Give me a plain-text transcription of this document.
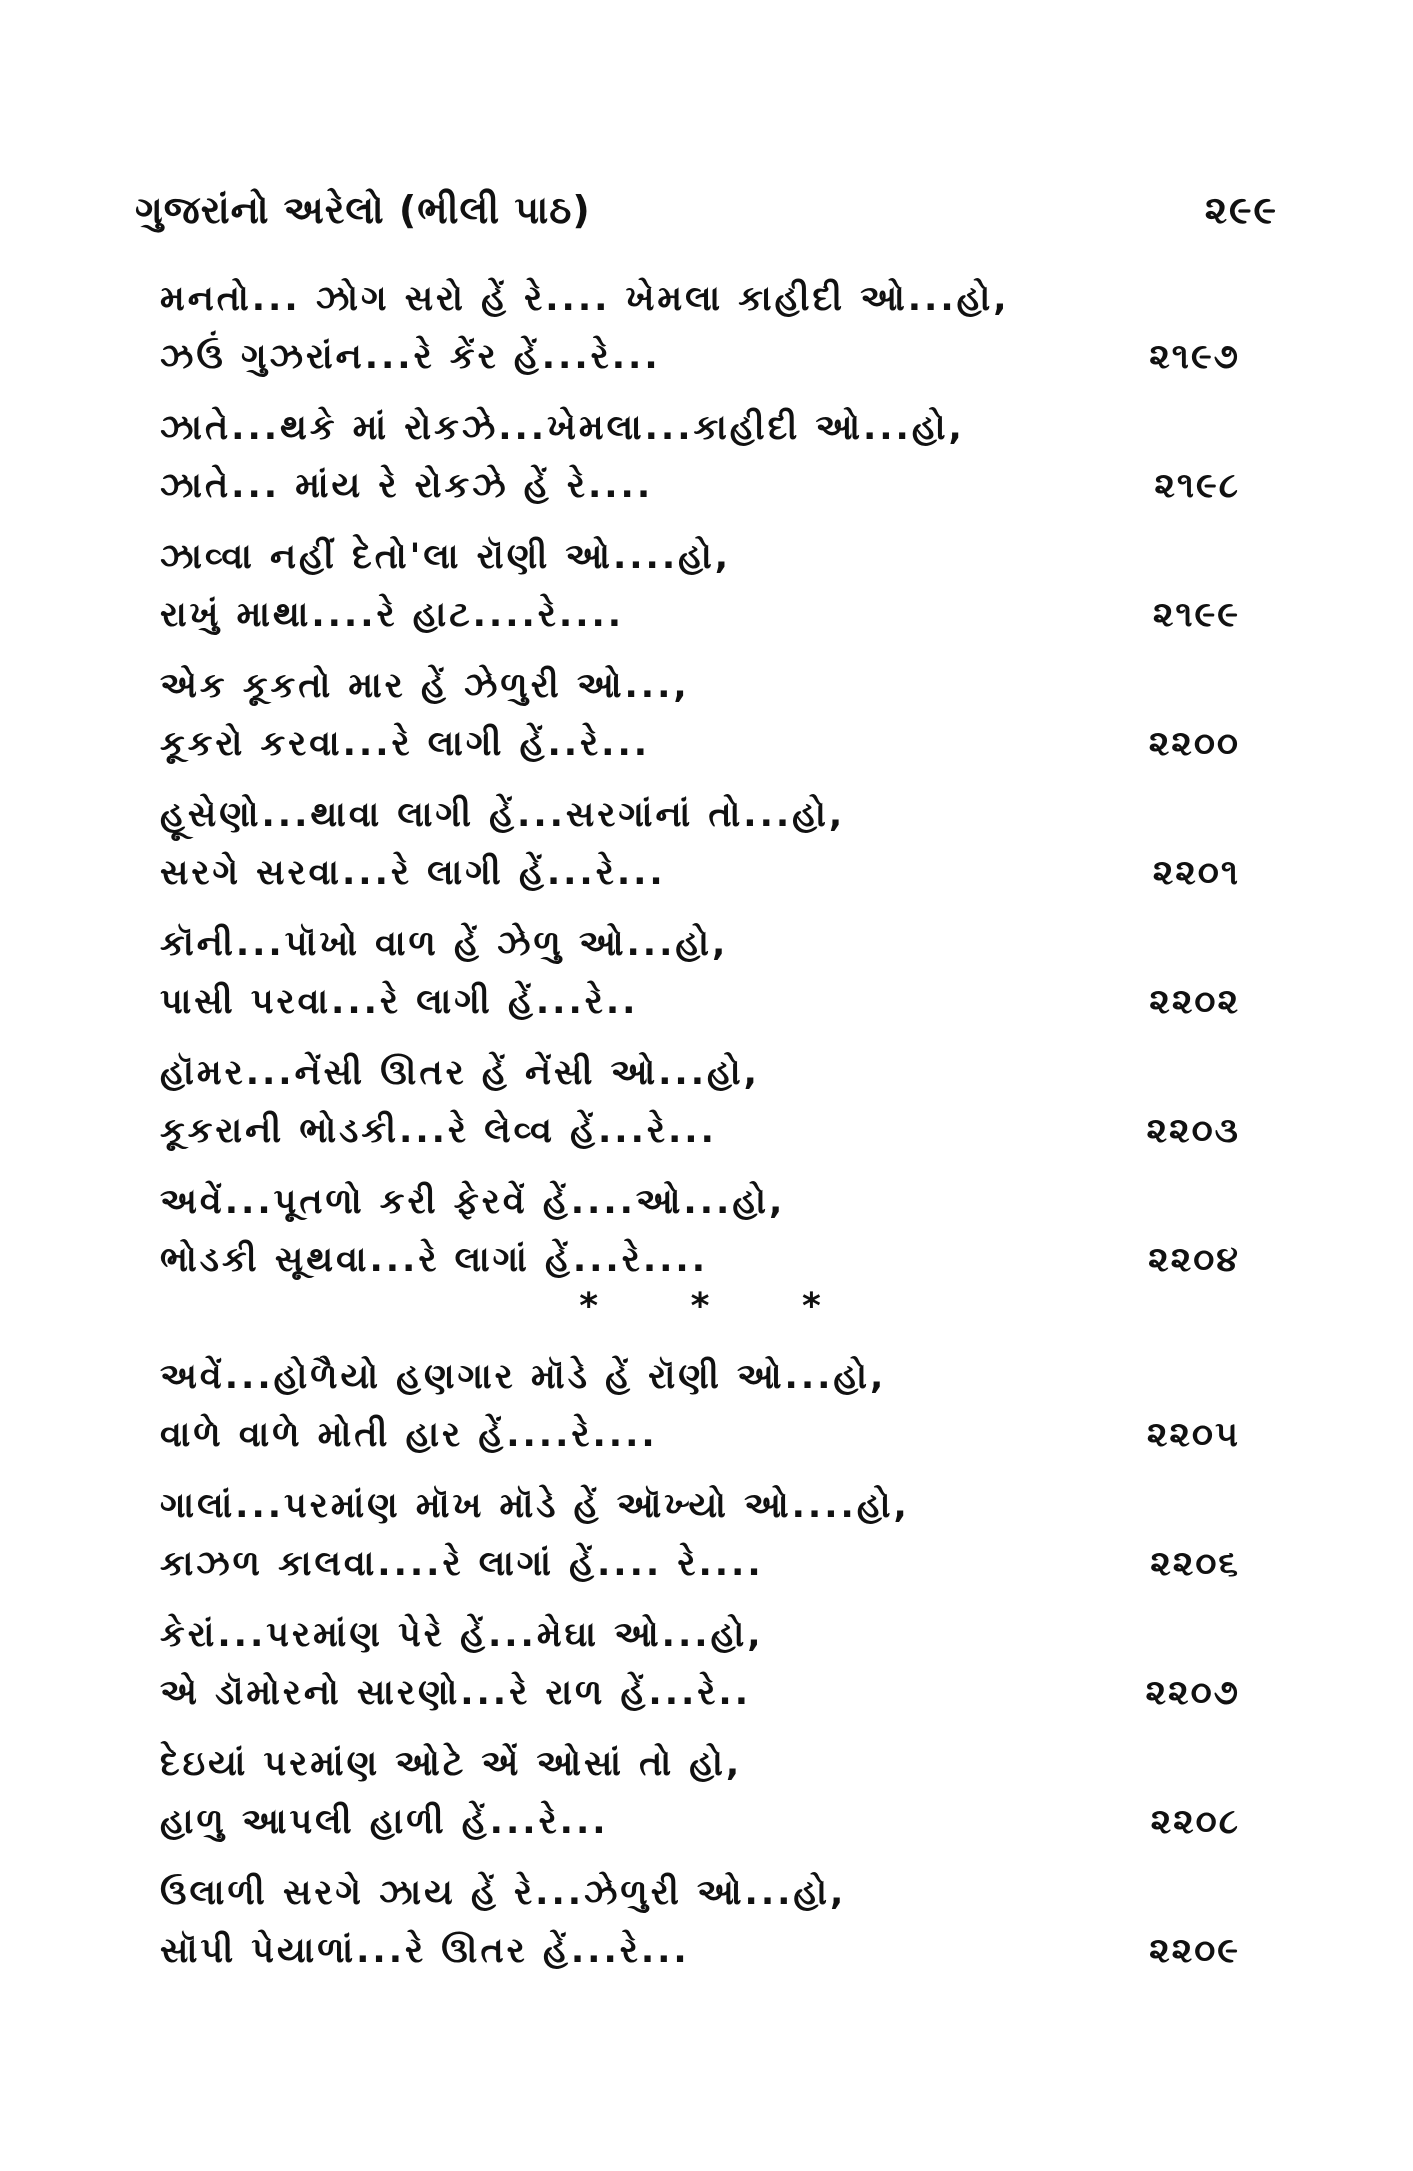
ગુજરાંનો અરેલો (ભીલી પાઠ)	૨૯૯
મનતો... ઝોગ સરો હેં રે.... ખેમલા કાહીદી ઓ...હો,
ઝઉં ગુઝરાંન...રે કેંર હેં...રે...	૨૧૯૭
ઝાતે...થકે માં રોકઝે...ખેમલા...કાહીદી ઓ...હો,
ઝાતે... માંય રે રોકઝે હેં રે....	૨૧૯૮
ઝાવ્વા નહીં દેતો'લા રૉણી ઓ....હો,
રાખું માથા....રે હાટ....રે....	૨૧૯૯
એક કૂકતો માર હેં ઝેળુરી ઓ...,
કૂકરો કરવા...રે લાગી હેં..રે...	૨૨૦૦
હૂસેણો...થાવા લાગી હેં...સરગાંનાં તો...હો,
સરગે સરવા...રે લાગી હેં...રે...	૨૨૦૧
કૉની...પૉખો વાળ હેં ઝેળુ ઓ...હો,
પાસી પરવા...રે લાગી હેં...રે..	૨૨૦૨
હૉમર...નેંસી ઊતર હેં નેંસી ઓ...હો,
કૂકરાની ભોડકી...રે લેવ્વ હેં...રે...	૨૨૦૩
અવેં...પૂતળો કરી ફેરવેં હેં....ઓ...હો,
ભોડકી સૂથવા...રે લાગાં હેં...રે....	૨૨૦૪
* * *
અવેં...હોળૈયો હણગાર મૉડે હેં રૉણી ઓ...હો,
વાળે વાળે મોતી હાર હેં....રે....	૨૨૦૫
ગાલાં...પરમાંણ મૉખ મૉડે હેં ઑખ્યો ઓ....હો,
કાઝળ કાલવા....રે લાગાં હેં.... રે....	૨૨૦૬
કેરાં...પરમાંણ પેરે હેં...મેઘા ઓ...હો,
એ ડૉમોરનો સારણો...રે રાળ હેં...રે..	૨૨૦૭
દેઇયાં પરમાંણ ઓટે એં ઓસાં તો હો,
હાળુ આપલી હાળી હેં...રે...	૨૨૦૮
ઉલાળી સરગે ઝાય હેં રે...ઝેળુરી ઓ...હો,
સૉપી પેયાળાં...રે ઊતર હેં...રે...	૨૨૦૯
